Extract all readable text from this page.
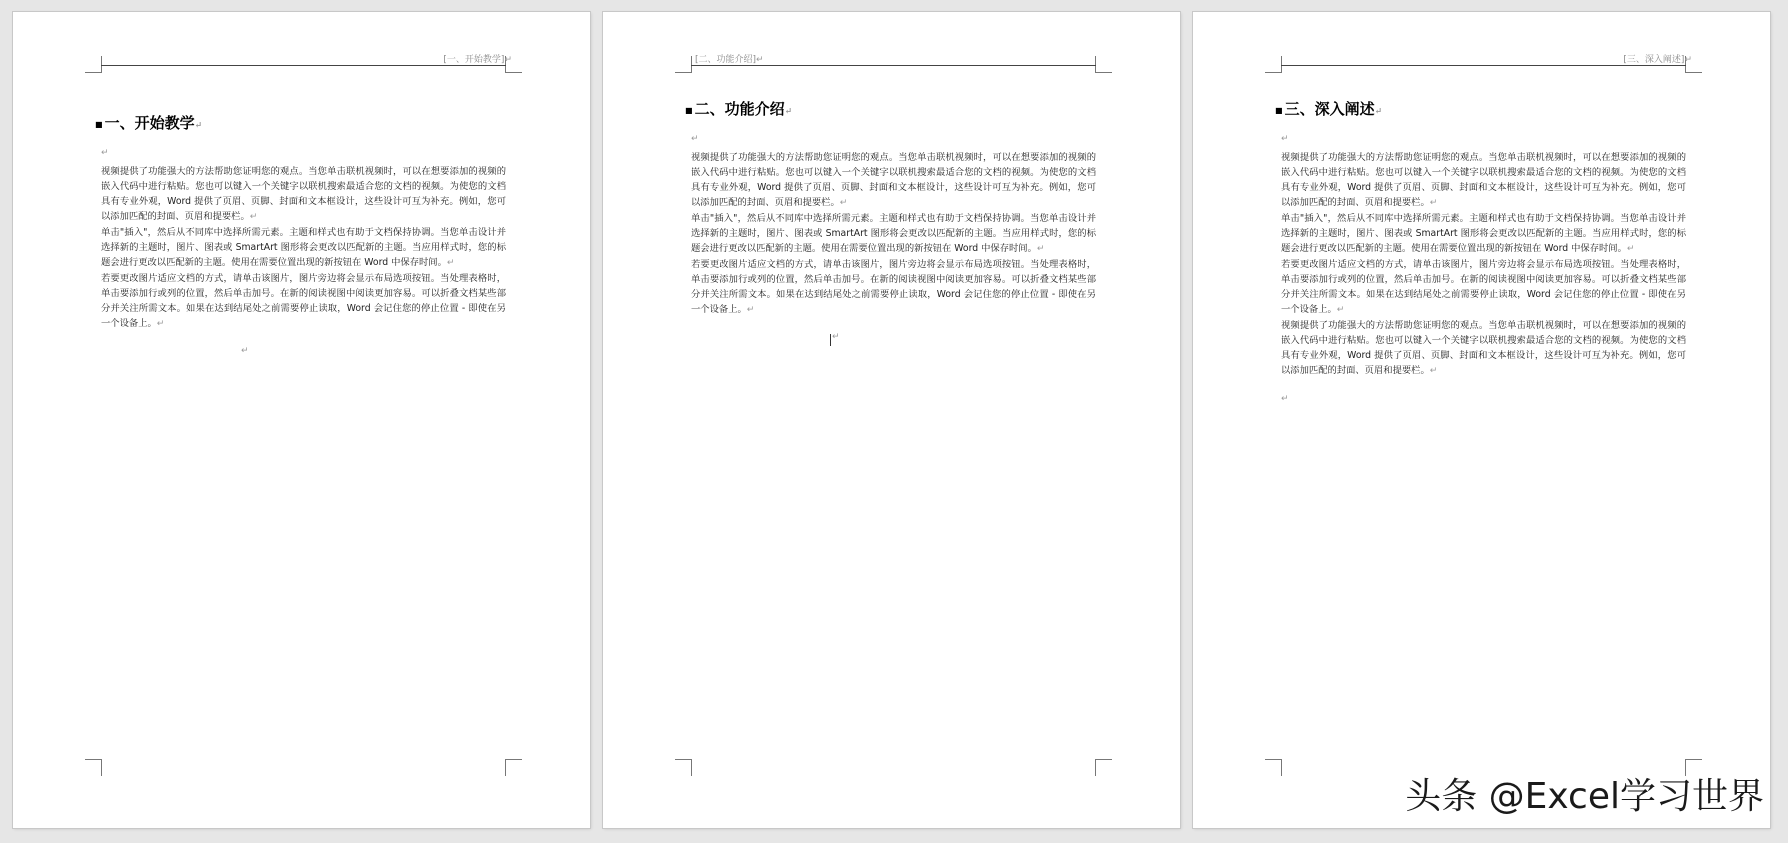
[一、开始教学]↵
■ 一、开始教学↵
↵

视频提供了功能强大的方法帮助您证明您的观点。当您单击联机视频时，可以在想要添加的视频的嵌入代码中进行粘贴。您也可以键入一个关键字以联机搜索最适合您的文档的视频。为使您的文档具有专业外观，Word 提供了页眉、页脚、封面和文本框设计，这些设计可互为补充。例如，您可以添加匹配的封面、页眉和提要栏。↵

单击"插入"，然后从不同库中选择所需元素。主题和样式也有助于文档保持协调。当您单击设计并选择新的主题时，图片、图表或 SmartArt 图形将会更改以匹配新的主题。当应用样式时，您的标题会进行更改以匹配新的主题。使用在需要位置出现的新按钮在 Word 中保存时间。↵

若要更改图片适应文档的方式，请单击该图片，图片旁边将会显示布局选项按钮。当处理表格时，单击要添加行或列的位置，然后单击加号。在新的阅读视图中阅读更加容易。可以折叠文档某些部分并关注所需文本。如果在达到结尾处之前需要停止读取，Word 会记住您的停止位置 - 即使在另一个设备上。↵

↵
[二、功能介绍]↵
■ 二、功能介绍↵
↵

视频提供了功能强大的方法帮助您证明您的观点。当您单击联机视频时，可以在想要添加的视频的嵌入代码中进行粘贴。您也可以键入一个关键字以联机搜索最适合您的文档的视频。为使您的文档具有专业外观，Word 提供了页眉、页脚、封面和文本框设计，这些设计可互为补充。例如，您可以添加匹配的封面、页眉和提要栏。↵

单击"插入"，然后从不同库中选择所需元素。主题和样式也有助于文档保持协调。当您单击设计并选择新的主题时，图片、图表或 SmartArt 图形将会更改以匹配新的主题。当应用样式时，您的标题会进行更改以匹配新的主题。使用在需要位置出现的新按钮在 Word 中保存时间。↵

若要更改图片适应文档的方式，请单击该图片，图片旁边将会显示布局选项按钮。当处理表格时，单击要添加行或列的位置，然后单击加号。在新的阅读视图中阅读更加容易。可以折叠文档某些部分并关注所需文本。如果在达到结尾处之前需要停止读取，Word 会记住您的停止位置 - 即使在另一个设备上。↵

↵
[三、深入阐述]↵
■ 三、深入阐述↵
↵

视频提供了功能强大的方法帮助您证明您的观点。当您单击联机视频时，可以在想要添加的视频的嵌入代码中进行粘贴。您也可以键入一个关键字以联机搜索最适合您的文档的视频。为使您的文档具有专业外观，Word 提供了页眉、页脚、封面和文本框设计，这些设计可互为补充。例如，您可以添加匹配的封面、页眉和提要栏。↵

单击"插入"，然后从不同库中选择所需元素。主题和样式也有助于文档保持协调。当您单击设计并选择新的主题时，图片、图表或 SmartArt 图形将会更改以匹配新的主题。当应用样式时，您的标题会进行更改以匹配新的主题。使用在需要位置出现的新按钮在 Word 中保存时间。↵

若要更改图片适应文档的方式，请单击该图片，图片旁边将会显示布局选项按钮。当处理表格时，单击要添加行或列的位置，然后单击加号。在新的阅读视图中阅读更加容易。可以折叠文档某些部分并关注所需文本。如果在达到结尾处之前需要停止读取，Word 会记住您的停止位置 - 即使在另一个设备上。↵

视频提供了功能强大的方法帮助您证明您的观点。当您单击联机视频时，可以在想要添加的视频的嵌入代码中进行粘贴。您也可以键入一个关键字以联机搜索最适合您的文档的视频。为使您的文档具有专业外观，Word 提供了页眉、页脚、封面和文本框设计，这些设计可互为补充。例如，您可以添加匹配的封面、页眉和提要栏。↵

↵
头条 @Excel学习世界
